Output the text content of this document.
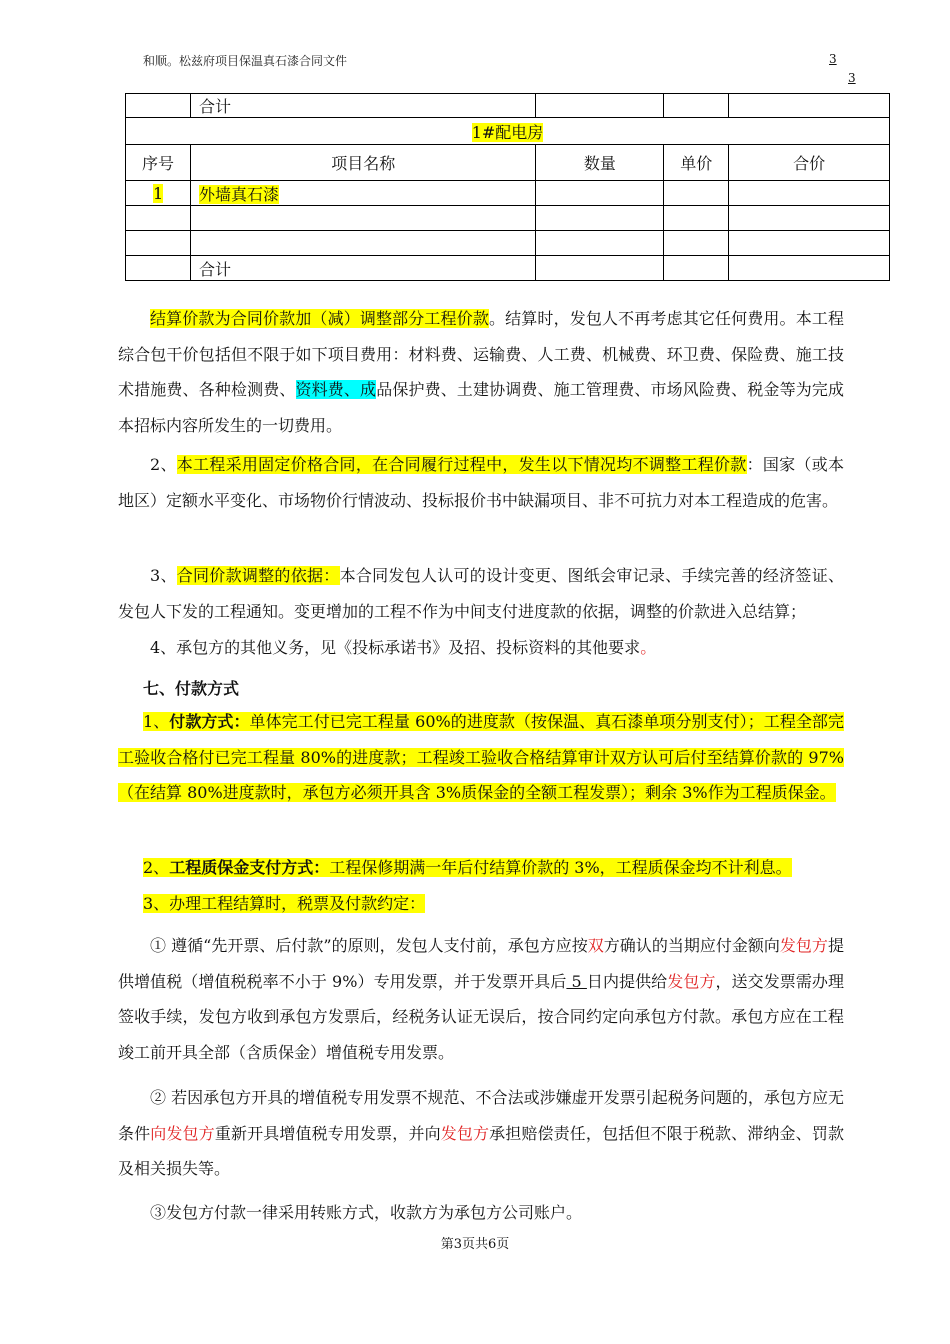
和顺。松兹府项目保温真石漆合同文件	3
3
	合计			
1#配电房				
序号	项目名称	数量	单价	合价
1	外墙真石漆			

	合计			

结算价款为合同价款加（减）调整部分工程价款。结算时，发包人不再考虑其它任何费用。本工程综合包干价包括但不限于如下项目费用：材料费、运输费、人工费、机械费、环卫费、保险费、施工技术措施费、各种检测费、资料费、成品保护费、土建协调费、施工管理费、市场风险费、税金等为完成本招标内容所发生的一切费用。

2、本工程采用固定价格合同，在合同履行过程中，发生以下情况均不调整工程价款：国家（或本地区）定额水平变化、市场物价行情波动、投标报价书中缺漏项目、非不可抗力对本工程造成的危害。

3、合同价款调整的依据：本合同发包人认可的设计变更、图纸会审记录、手续完善的经济签证、发包人下发的工程通知。变更增加的工程不作为中间支付进度款的依据，调整的价款进入总结算；

4、承包方的其他义务，见《投标承诺书》及招、投标资料的其他要求。

七、付款方式

1、付款方式：单体完工付已完工程量 60%的进度款（按保温、真石漆单项分别支付）；工程全部完工验收合格付已完工程量 80%的进度款；工程竣工验收合格结算审计双方认可后付至结算价款的 97%（在结算 80%进度款时，承包方必须开具含 3%质保金的全额工程发票）；剩余 3%作为工程质保金。

2、工程质保金支付方式：工程保修期满一年后付结算价款的 3%，工程质保金均不计利息。

3、办理工程结算时，税票及付款约定：

① 遵循“先开票、后付款”的原则，发包人支付前，承包方应按双方确认的当期应付金额向发包方提供增值税（增值税税率不小于 9%）专用发票，并于发票开具后 5 日内提供给发包方，送交发票需办理签收手续，发包方收到承包方发票后，经税务认证无误后，按合同约定向承包方付款。承包方应在工程竣工前开具全部（含质保金）增值税专用发票。

② 若因承包方开具的增值税专用发票不规范、不合法或涉嫌虚开发票引起税务问题的，承包方应无条件向发包方重新开具增值税专用发票，并向发包方承担赔偿责任，包括但不限于税款、滞纳金、罚款及相关损失等。

③发包方付款一律采用转账方式，收款方为承包方公司账户。

第3页共6页
